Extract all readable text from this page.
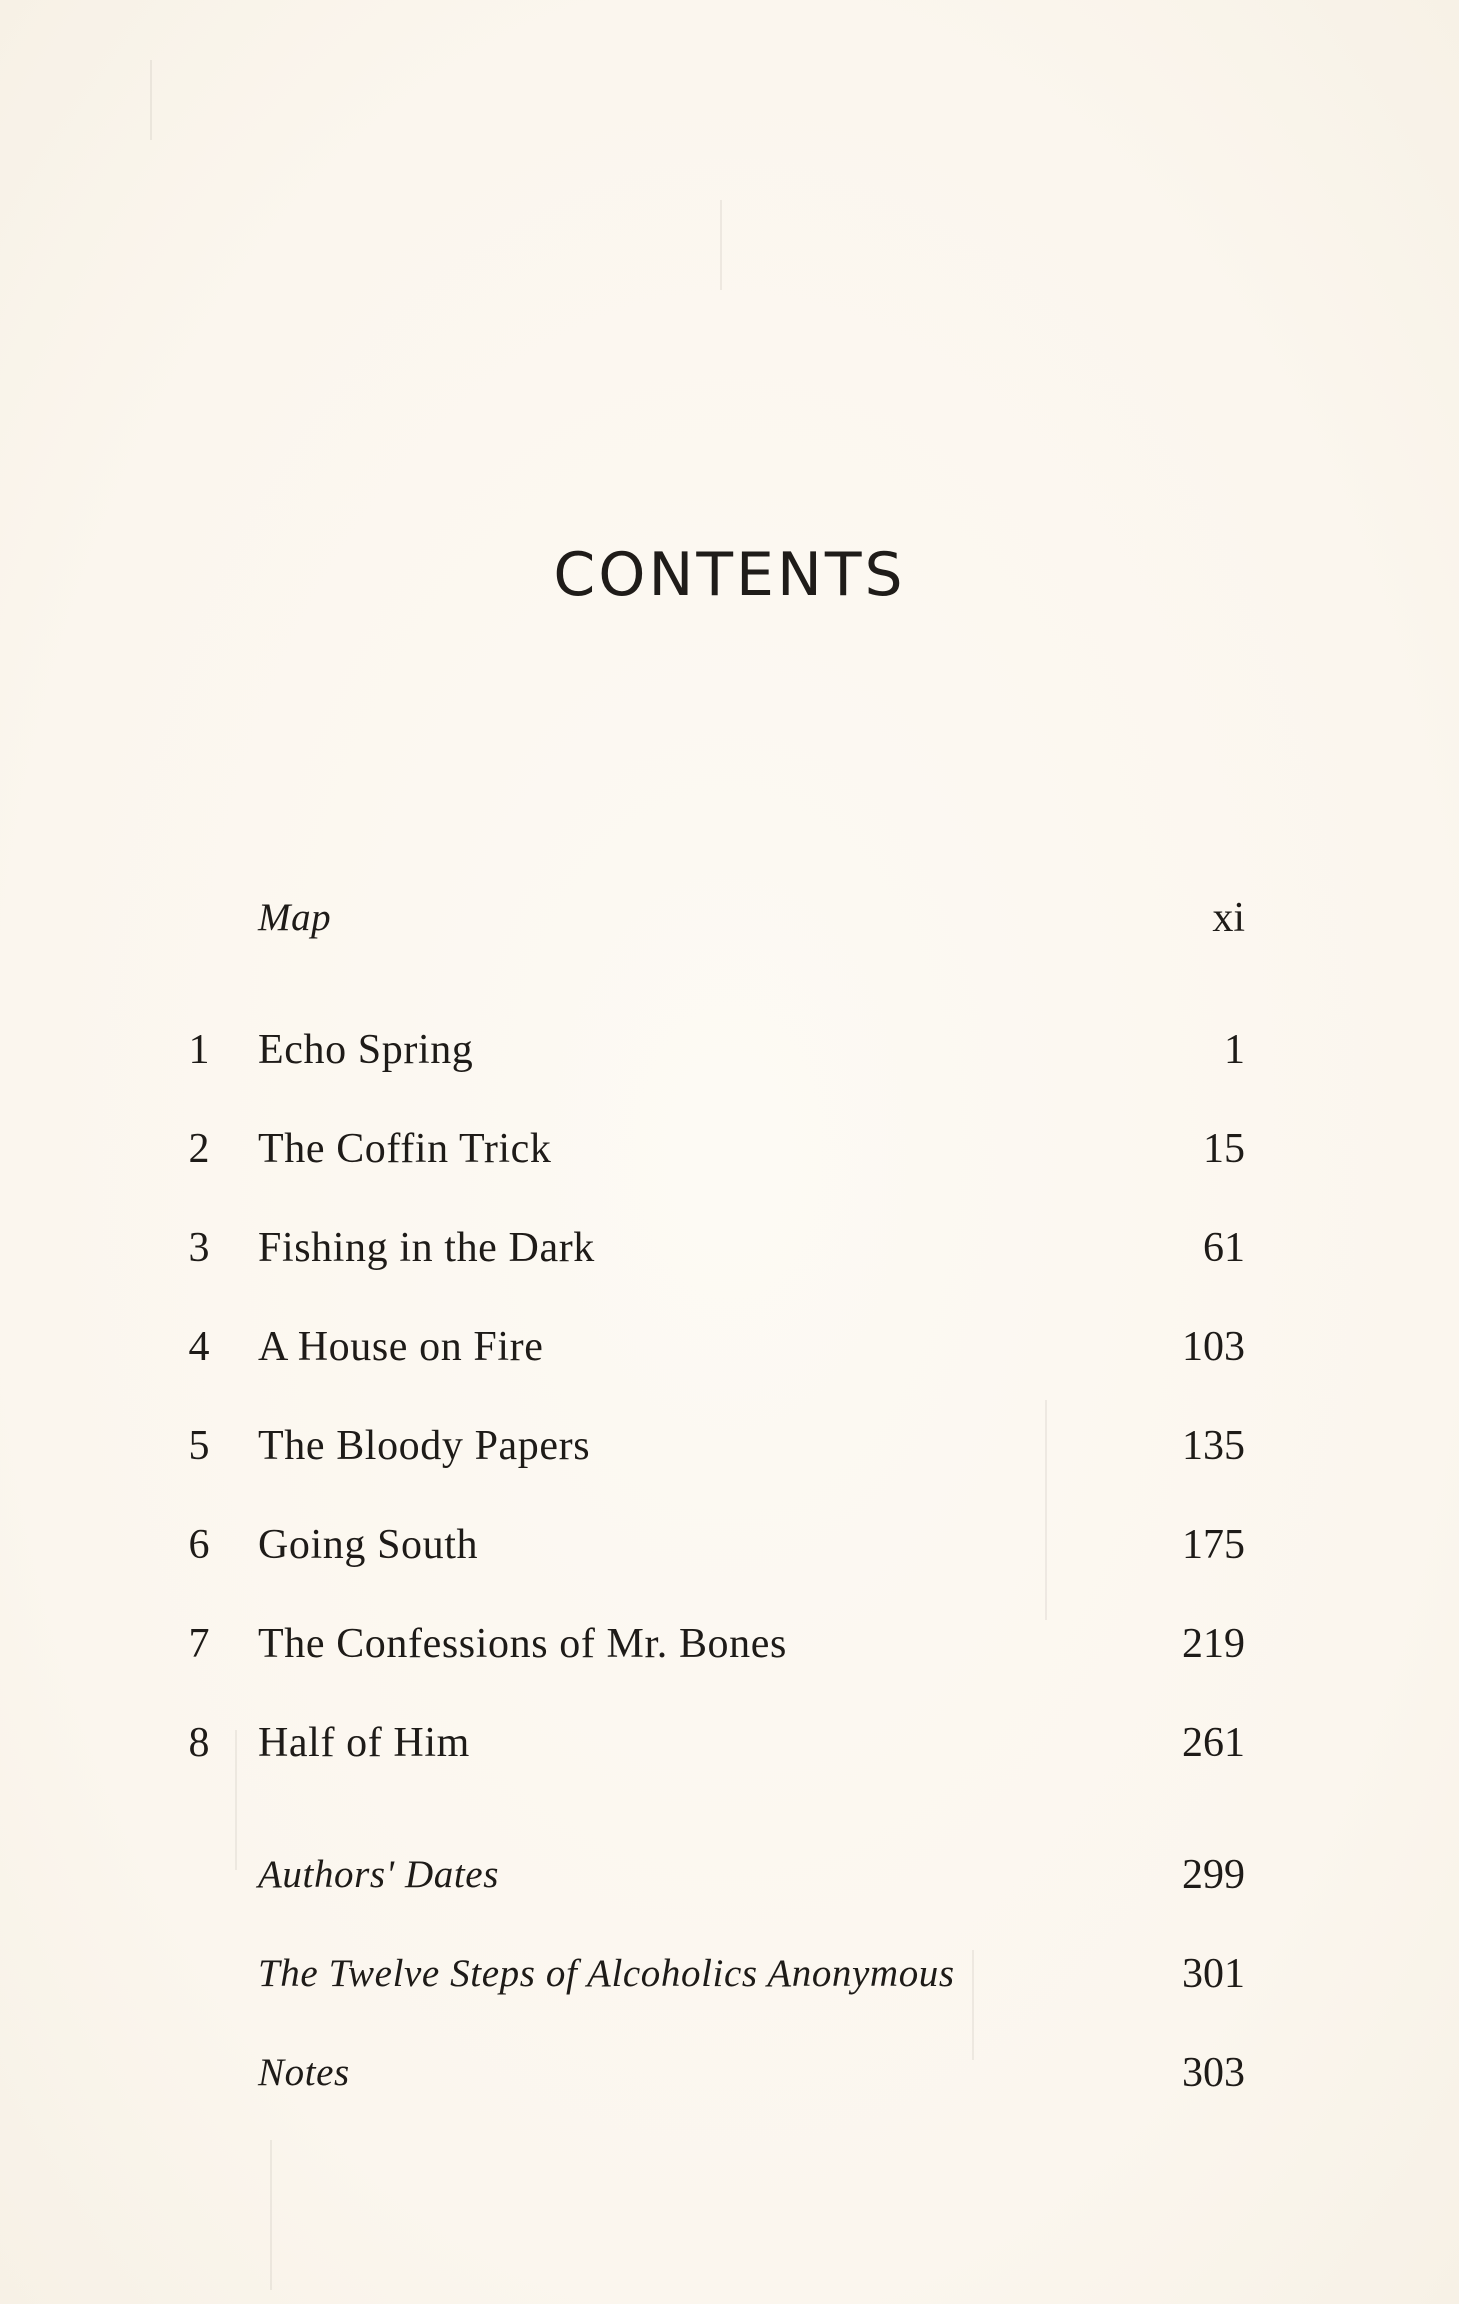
CONTENTS
Map	xi
1 Echo Spring	1
2 The Coffin Trick	15
3 Fishing in the Dark	61
4 A House on Fire	103
5 The Bloody Papers	135
6 Going South	175
7 The Confessions of Mr. Bones	219
8 Half of Him	261
Authors' Dates	299
The Twelve Steps of Alcoholics Anonymous	301
Notes	303
